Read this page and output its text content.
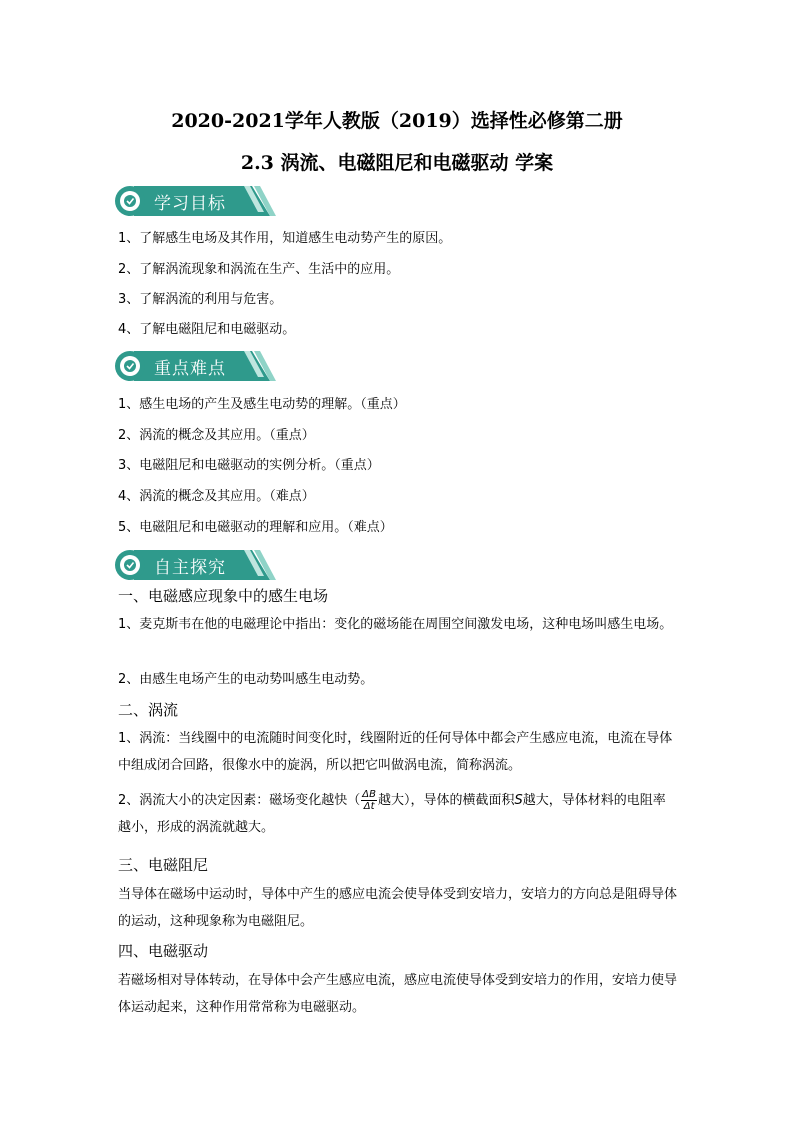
2020-2021学年人教版（2019）选择性必修第二册
2.3 涡流、电磁阻尼和电磁驱动 学案
学习目标
1、了解感生电场及其作用，知道感生电动势产生的原因。
2、了解涡流现象和涡流在生产、生活中的应用。
3、了解涡流的利用与危害。
4、了解电磁阻尼和电磁驱动。
重点难点
1、感生电场的产生及感生电动势的理解。（重点）
2、涡流的概念及其应用。（重点）
3、电磁阻尼和电磁驱动的实例分析。（重点）
4、涡流的概念及其应用。（难点）
5、电磁阻尼和电磁驱动的理解和应用。（难点）
自主探究
一、电磁感应现象中的感生电场
1、麦克斯韦在他的电磁理论中指出：变化的磁场能在周围空间激发电场，这种电场叫感生电场。
2、由感生电场产生的电动势叫感生电动势。
二、涡流
1、涡流：当线圈中的电流随时间变化时，线圈附近的任何导体中都会产生感应电流，电流在导体中组成闭合回路，很像水中的旋涡，所以把它叫做涡电流，简称涡流。
2、涡流大小的决定因素：磁场变化越快（ $\frac{\Delta B}{\Delta t}$ 越大），导体的横截面积S越大，导体材料的电阻率越小，形成的涡流就越大。
三、电磁阻尼
当导体在磁场中运动时，导体中产生的感应电流会使导体受到安培力，安培力的方向总是阻碍导体的运动，这种现象称为电磁阻尼。
四、电磁驱动
若磁场相对导体转动，在导体中会产生感应电流，感应电流使导体受到安培力的作用，安培力使导体运动起来，这种作用常常称为电磁驱动。
